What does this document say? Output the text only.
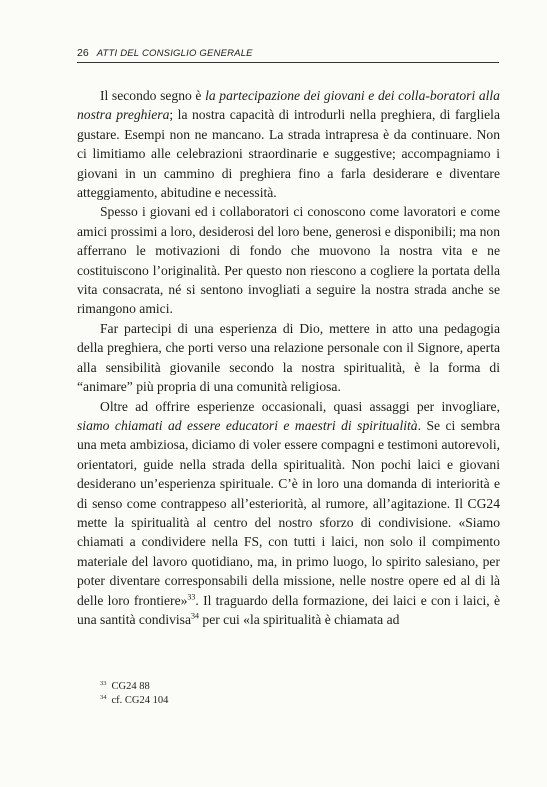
26 ATTI DEL CONSIGLIO GENERALE

Il secondo segno è la partecipazione dei giovani e dei colla-boratori alla nostra preghiera; la nostra capacità di introdurli nella preghiera, di fargliela gustare. Esempi non ne mancano. La strada intrapresa è da continuare. Non ci limitiamo alle celebrazioni straordinarie e suggestive; accompagniamo i giovani in un cammino di preghiera fino a farla desiderare e diventare atteggiamento, abitudine e necessità.

Spesso i giovani ed i collaboratori ci conoscono come lavoratori e come amici prossimi a loro, desiderosi del loro bene, generosi e disponibili; ma non afferrano le motivazioni di fondo che muovono la nostra vita e ne costituiscono l’originalità. Per questo non riescono a cogliere la portata della vita consacrata, né si sentono invogliati a seguire la nostra strada anche se rimangono amici.

Far partecipi di una esperienza di Dio, mettere in atto una pedagogia della preghiera, che porti verso una relazione personale con il Signore, aperta alla sensibilità giovanile secondo la nostra spiritualità, è la forma di “animare” più propria di una comunità religiosa.

Oltre ad offrire esperienze occasionali, quasi assaggi per invogliare, siamo chiamati ad essere educatori e maestri di spiritualità. Se ci sembra una meta ambiziosa, diciamo di voler essere compagni e testimoni autorevoli, orientatori, guide nella strada della spiritualità. Non pochi laici e giovani desiderano un’esperienza spirituale. C’è in loro una domanda di interiorità e di senso come contrappeso all’esteriorità, al rumore, all’agitazione. Il CG24 mette la spiritualità al centro del nostro sforzo di condivisione. «Siamo chiamati a condividere nella FS, con tutti i laici, non solo il compimento materiale del lavoro quotidiano, ma, in primo luogo, lo spirito salesiano, per poter diventare corresponsabili della missione, nelle nostre opere ed al di là delle loro frontiere»$^{33}$. Il traguardo della formazione, dei laici e con i laici, è una santità condivisa$^{34}$ per cui «la spiritualità è chiamata ad

$^{33}$ CG24 88
$^{34}$ cf. CG24 104
